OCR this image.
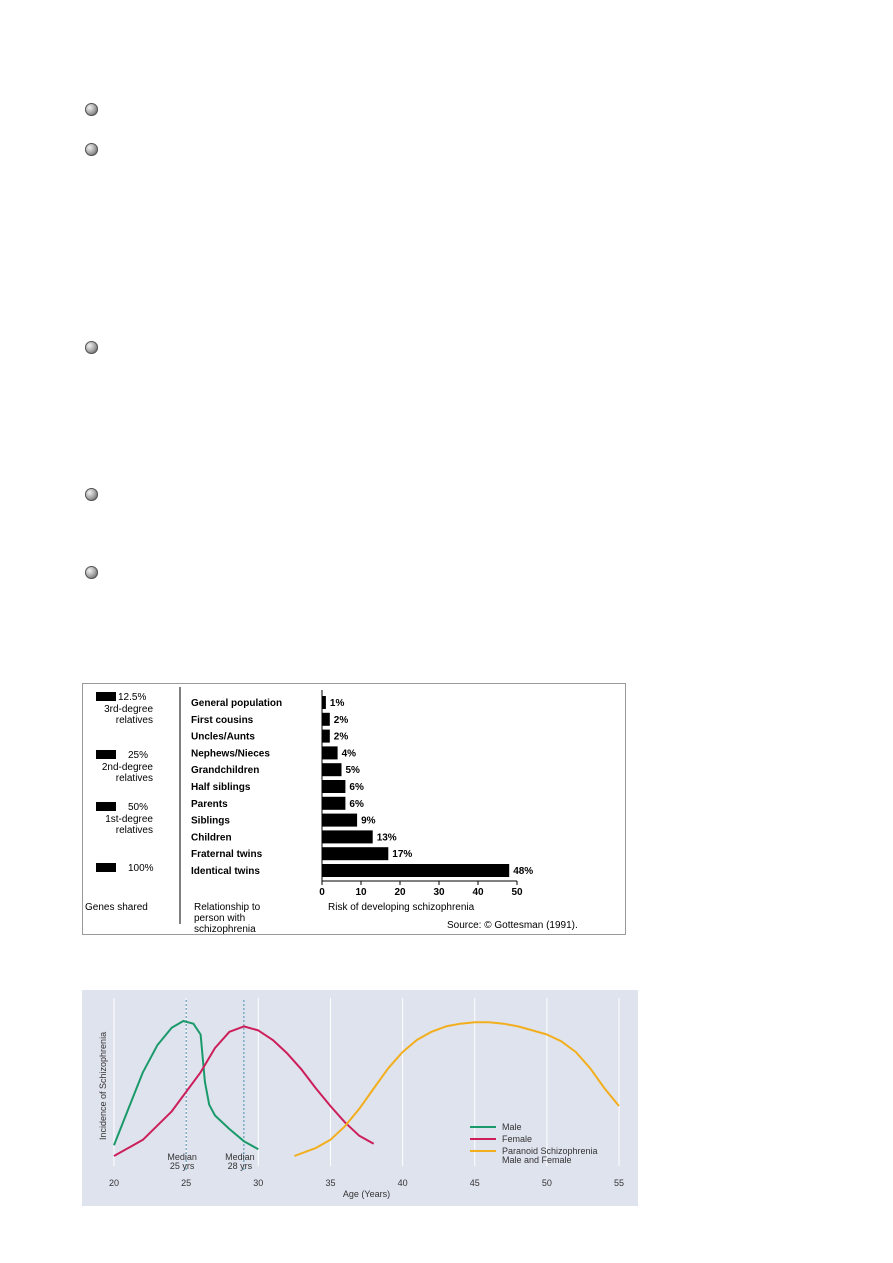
General population	1%
First cousins	2%
Uncles/Aunts	2%
Nephews/Nieces	4%
Grandchildren	5%
Half siblings	6%
Parents	6%
Siblings	9%
Children	13%
Fraternal twins	17%
Identical twins	48%
0	10	20	30	40	50
Risk of developing schizophrenia
12.5%
3rd-degree
relatives
25%
2nd-degree
relatives
50%
1st-degree
relatives
100%
Genes shared	Relationship to
person with
schizophrenia	Source: © Gottesman (1991).
20	25	30	35	40	45	50	55
Age (Years)
Incidence of Schizophrenia
Median
25 yrs
Median
28 yrs
Male
Female
Paranoid Schizophrenia
Male and Female
